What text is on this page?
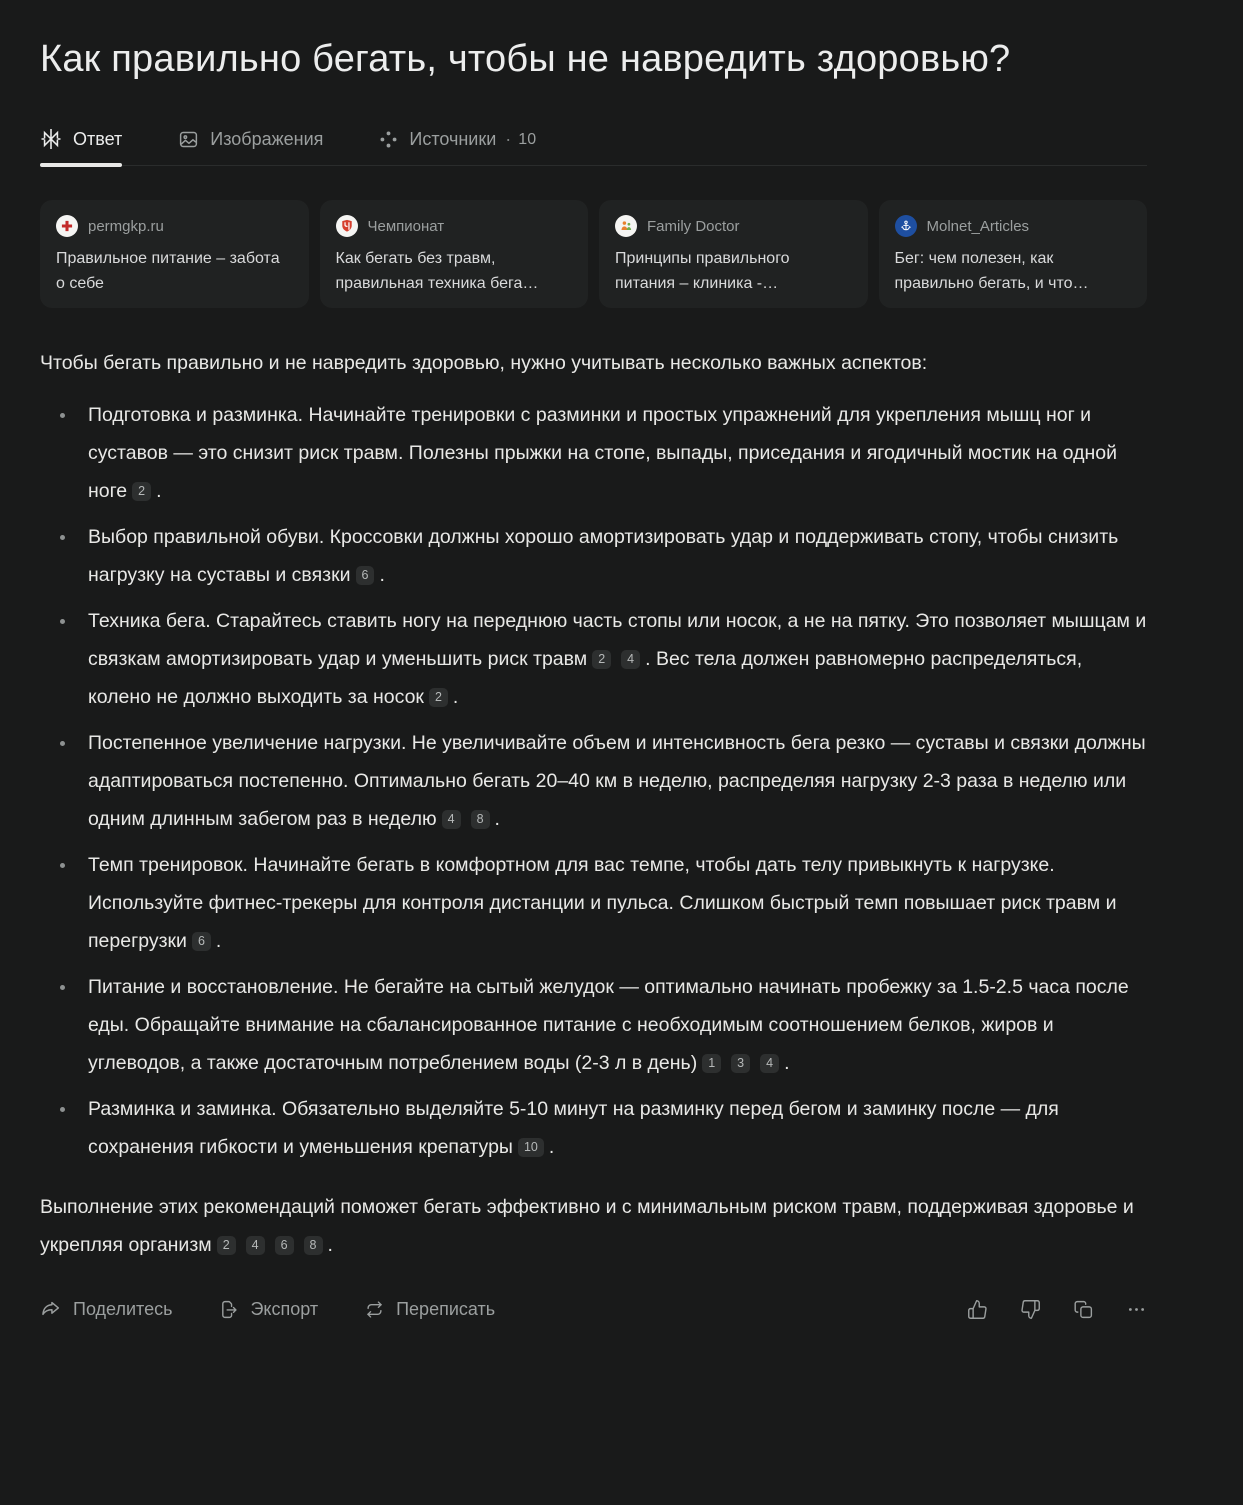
Как правильно бегать, чтобы не навредить здоровью?
Ответ	Изображения	Источники · 10
permgkp.ru
Правильное питание – забота о себе
Чемпионат
Как бегать без травм, правильная техника бега…
Family Doctor
Принципы правильного питания – клиника -…
Molnet_Articles
Бег: чем полезен, как правильно бегать, и что…

Чтобы бегать правильно и не навредить здоровью, нужно учитывать несколько важных аспектов:

Подготовка и разминка. Начинайте тренировки с разминки и простых упражнений для укрепления мышц ног и суставов — это снизит риск травм. Полезны прыжки на стопе, выпады, приседания и ягодичный мостик на одной ноге 2 .
Выбор правильной обуви. Кроссовки должны хорошо амортизировать удар и поддерживать стопу, чтобы снизить нагрузку на суставы и связки 6 .
Техника бега. Старайтесь ставить ногу на переднюю часть стопы или носок, а не на пятку. Это позволяет мышцам и связкам амортизировать удар и уменьшить риск травм 2 4 . Вес тела должен равномерно распределяться, колено не должно выходить за носок 2 .
Постепенное увеличение нагрузки. Не увеличивайте объем и интенсивность бега резко — суставы и связки должны адаптироваться постепенно. Оптимально бегать 20–40 км в неделю, распределяя нагрузку 2-3 раза в неделю или одним длинным забегом раз в неделю 4 8 .
Темп тренировок. Начинайте бегать в комфортном для вас темпе, чтобы дать телу привыкнуть к нагрузке. Используйте фитнес-трекеры для контроля дистанции и пульса. Слишком быстрый темп повышает риск травм и перегрузки 6 .
Питание и восстановление. Не бегайте на сытый желудок — оптимально начинать пробежку за 1.5-2.5 часа после еды. Обращайте внимание на сбалансированное питание с необходимым соотношением белков, жиров и углеводов, а также достаточным потреблением воды (2-3 л в день) 1 3 4 .
Разминка и заминка. Обязательно выделяйте 5-10 минут на разминку перед бегом и заминку после — для сохранения гибкости и уменьшения крепатуры 10 .

Выполнение этих рекомендаций поможет бегать эффективно и с минимальным риском травм, поддерживая здоровье и укрепляя организм 2 4 6 8 .

Поделитесь	Экспорт	Переписать
